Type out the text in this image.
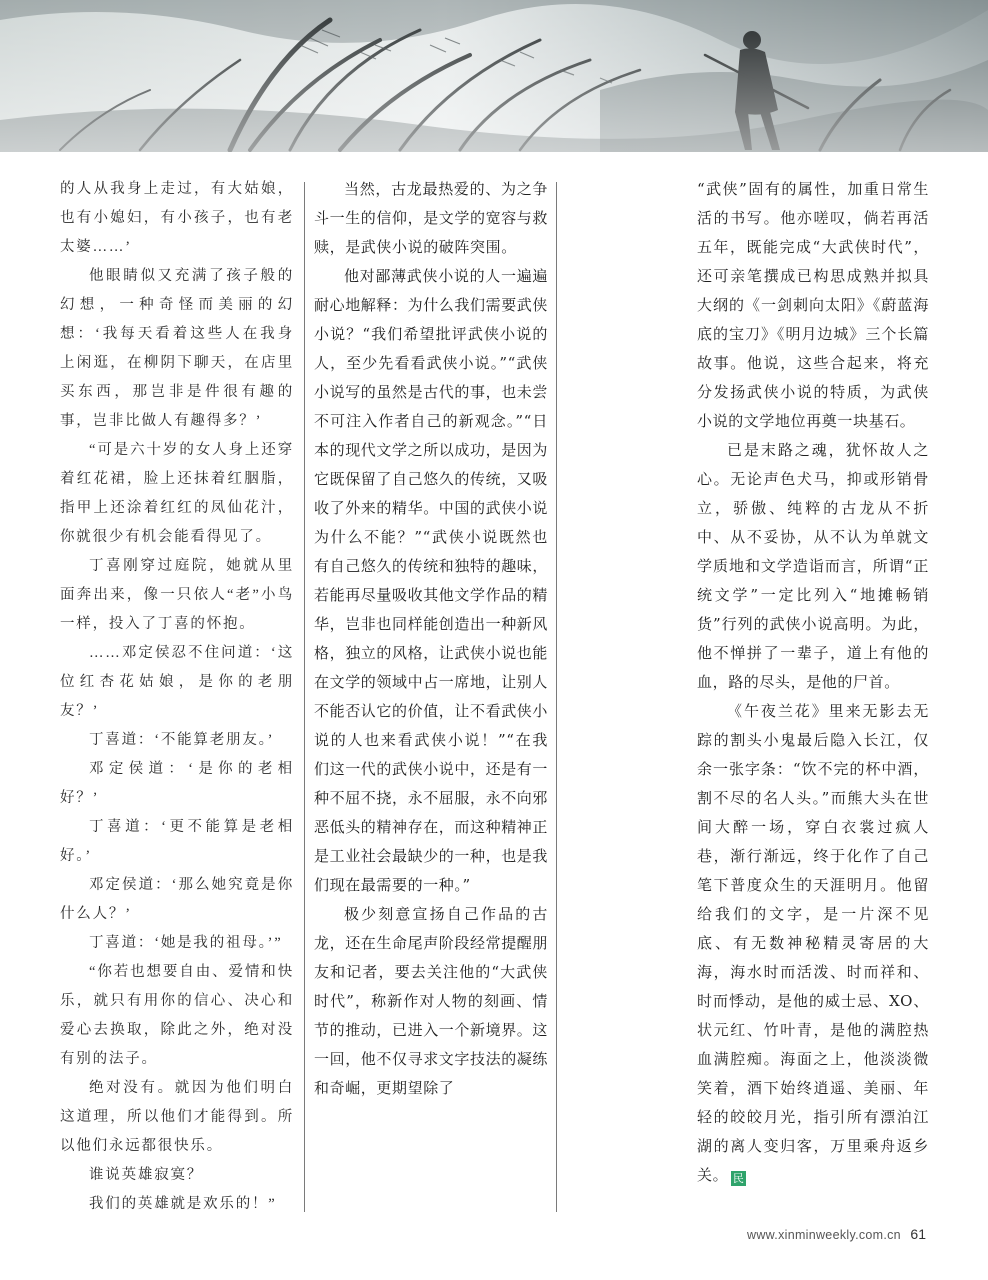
的人从我身上走过，有大姑娘，也有小媳妇，有小孩子，也有老太婆……’

他眼睛似又充满了孩子般的幻想，一种奇怪而美丽的幻想：‘我每天看着这些人在我身上闲逛，在柳阴下聊天，在店里买东西，那岂非是件很有趣的事，岂非比做人有趣得多？’

“可是六十岁的女人身上还穿着红花裙，脸上还抹着红胭脂，指甲上还涂着红红的凤仙花汁，你就很少有机会能看得见了。

丁喜刚穿过庭院，她就从里面奔出来，像一只依人“老”小鸟一样，投入了丁喜的怀抱。

……邓定侯忍不住问道：‘这位红杏花姑娘，是你的老朋友？’

丁喜道：‘不能算老朋友。’

邓定侯道：‘是你的老相好？’

丁喜道：‘更不能算是老相好。’

邓定侯道：‘那么她究竟是你什么人？’

丁喜道：‘她是我的祖母。’”

“你若也想要自由、爱情和快乐，就只有用你的信心、决心和爱心去换取，除此之外，绝对没有别的法子。

绝对没有。就因为他们明白这道理，所以他们才能得到。所以他们永远都很快乐。

谁说英雄寂寞？

我们的英雄就是欢乐的！”

当然，古龙最热爱的、为之争斗一生的信仰，是文学的宽容与救赎，是武侠小说的破阵突围。

他对鄙薄武侠小说的人一遍遍耐心地解释：为什么我们需要武侠小说？“我们希望批评武侠小说的人，至少先看看武侠小说。”“武侠小说写的虽然是古代的事，也未尝不可注入作者自己的新观念。”“日本的现代文学之所以成功，是因为它既保留了自己悠久的传统，又吸收了外来的精华。中国的武侠小说为什么不能？”“武侠小说既然也有自己悠久的传统和独特的趣味，若能再尽量吸收其他文学作品的精华，岂非也同样能创造出一种新风格，独立的风格，让武侠小说也能在文学的领域中占一席地，让别人不能否认它的价值，让不看武侠小说的人也来看武侠小说！”“在我们这一代的武侠小说中，还是有一种不屈不挠，永不屈服，永不向邪恶低头的精神存在，而这种精神正是工业社会最缺少的一种，也是我们现在最需要的一种。”

极少刻意宣扬自己作品的古龙，还在生命尾声阶段经常提醒朋友和记者，要去关注他的“大武侠时代”，称新作对人物的刻画、情节的推动，已进入一个新境界。这一回，他不仅寻求文字技法的凝练和奇崛，更期望除了

“武侠”固有的属性，加重日常生活的书写。他亦嗟叹，倘若再活五年，既能完成“大武侠时代”，还可亲笔撰成已构思成熟并拟具大纲的《一剑刺向太阳》《蔚蓝海底的宝刀》《明月边城》三个长篇故事。他说，这些合起来，将充分发扬武侠小说的特质，为武侠小说的文学地位再奠一块基石。

已是末路之魂，犹怀故人之心。无论声色犬马，抑或形销骨立，骄傲、纯粹的古龙从不折中、从不妥协，从不认为单就文学质地和文学造诣而言，所谓“正统文学”一定比列入“地摊畅销货”行列的武侠小说高明。为此，他不惮拼了一辈子，道上有他的血，路的尽头，是他的尸首。

《午夜兰花》里来无影去无踪的割头小鬼最后隐入长江，仅余一张字条：“饮不完的杯中酒，割不尽的名人头。”而熊大头在世间大醉一场，穿白衣裳过疯人巷，渐行渐远，终于化作了自己笔下普度众生的天涯明月。他留给我们的文字，是一片深不见底、有无数神秘精灵寄居的大海，海水时而活泼、时而祥和、时而悸动，是他的威士忌、XO、状元红、竹叶青，是他的满腔热血满腔痴。海面之上，他淡淡微笑着，酒下始终逍遥、美丽、年轻的皎皎月光，指引所有漂泊江湖的离人变归客，万里乘舟返乡关。 民

www.xinminweekly.com.cn 61
